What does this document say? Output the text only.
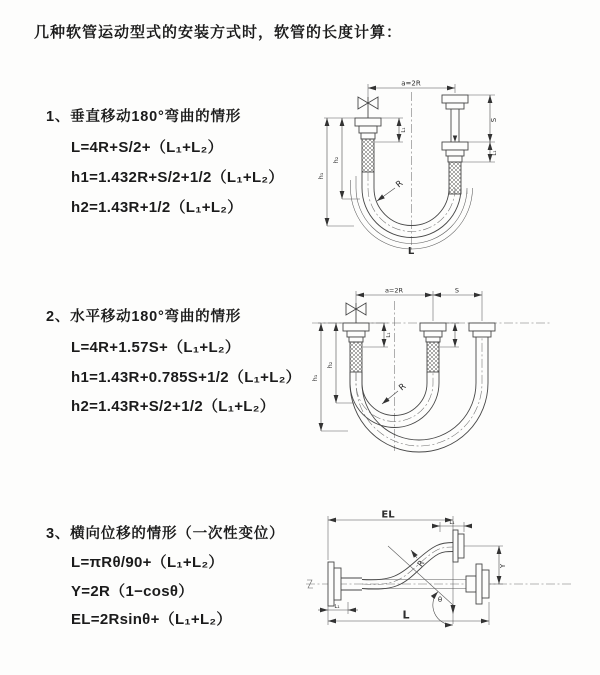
几种软管运动型式的安装方式时，软管的长度计算：
1、垂直移动180°弯曲的情形
L=4R+S/2+（L₁+L₂）
h1=1.432R+S/2+1/2（L₁+L₂）
h2=1.43R+1/2（L₁+L₂）
2、水平移动180°弯曲的情形
L=4R+1.57S+（L₁+L₂）
h1=1.43R+0.785S+1/2（L₁+L₂）
h2=1.43R+S/2+1/2（L₁+L₂）
3、横向位移的情形（一次性变位）
L=πRθ/90+（L₁+L₂）
Y=2R（1−cosθ）
EL=2Rsinθ+（L₁+L₂）
a=2R
h₁
h₂
L₁
S
L₁
R
L
a=2R	S
h₁
h₂
L₁
R
EL
L₁
θ
R	Y
L₁
L
